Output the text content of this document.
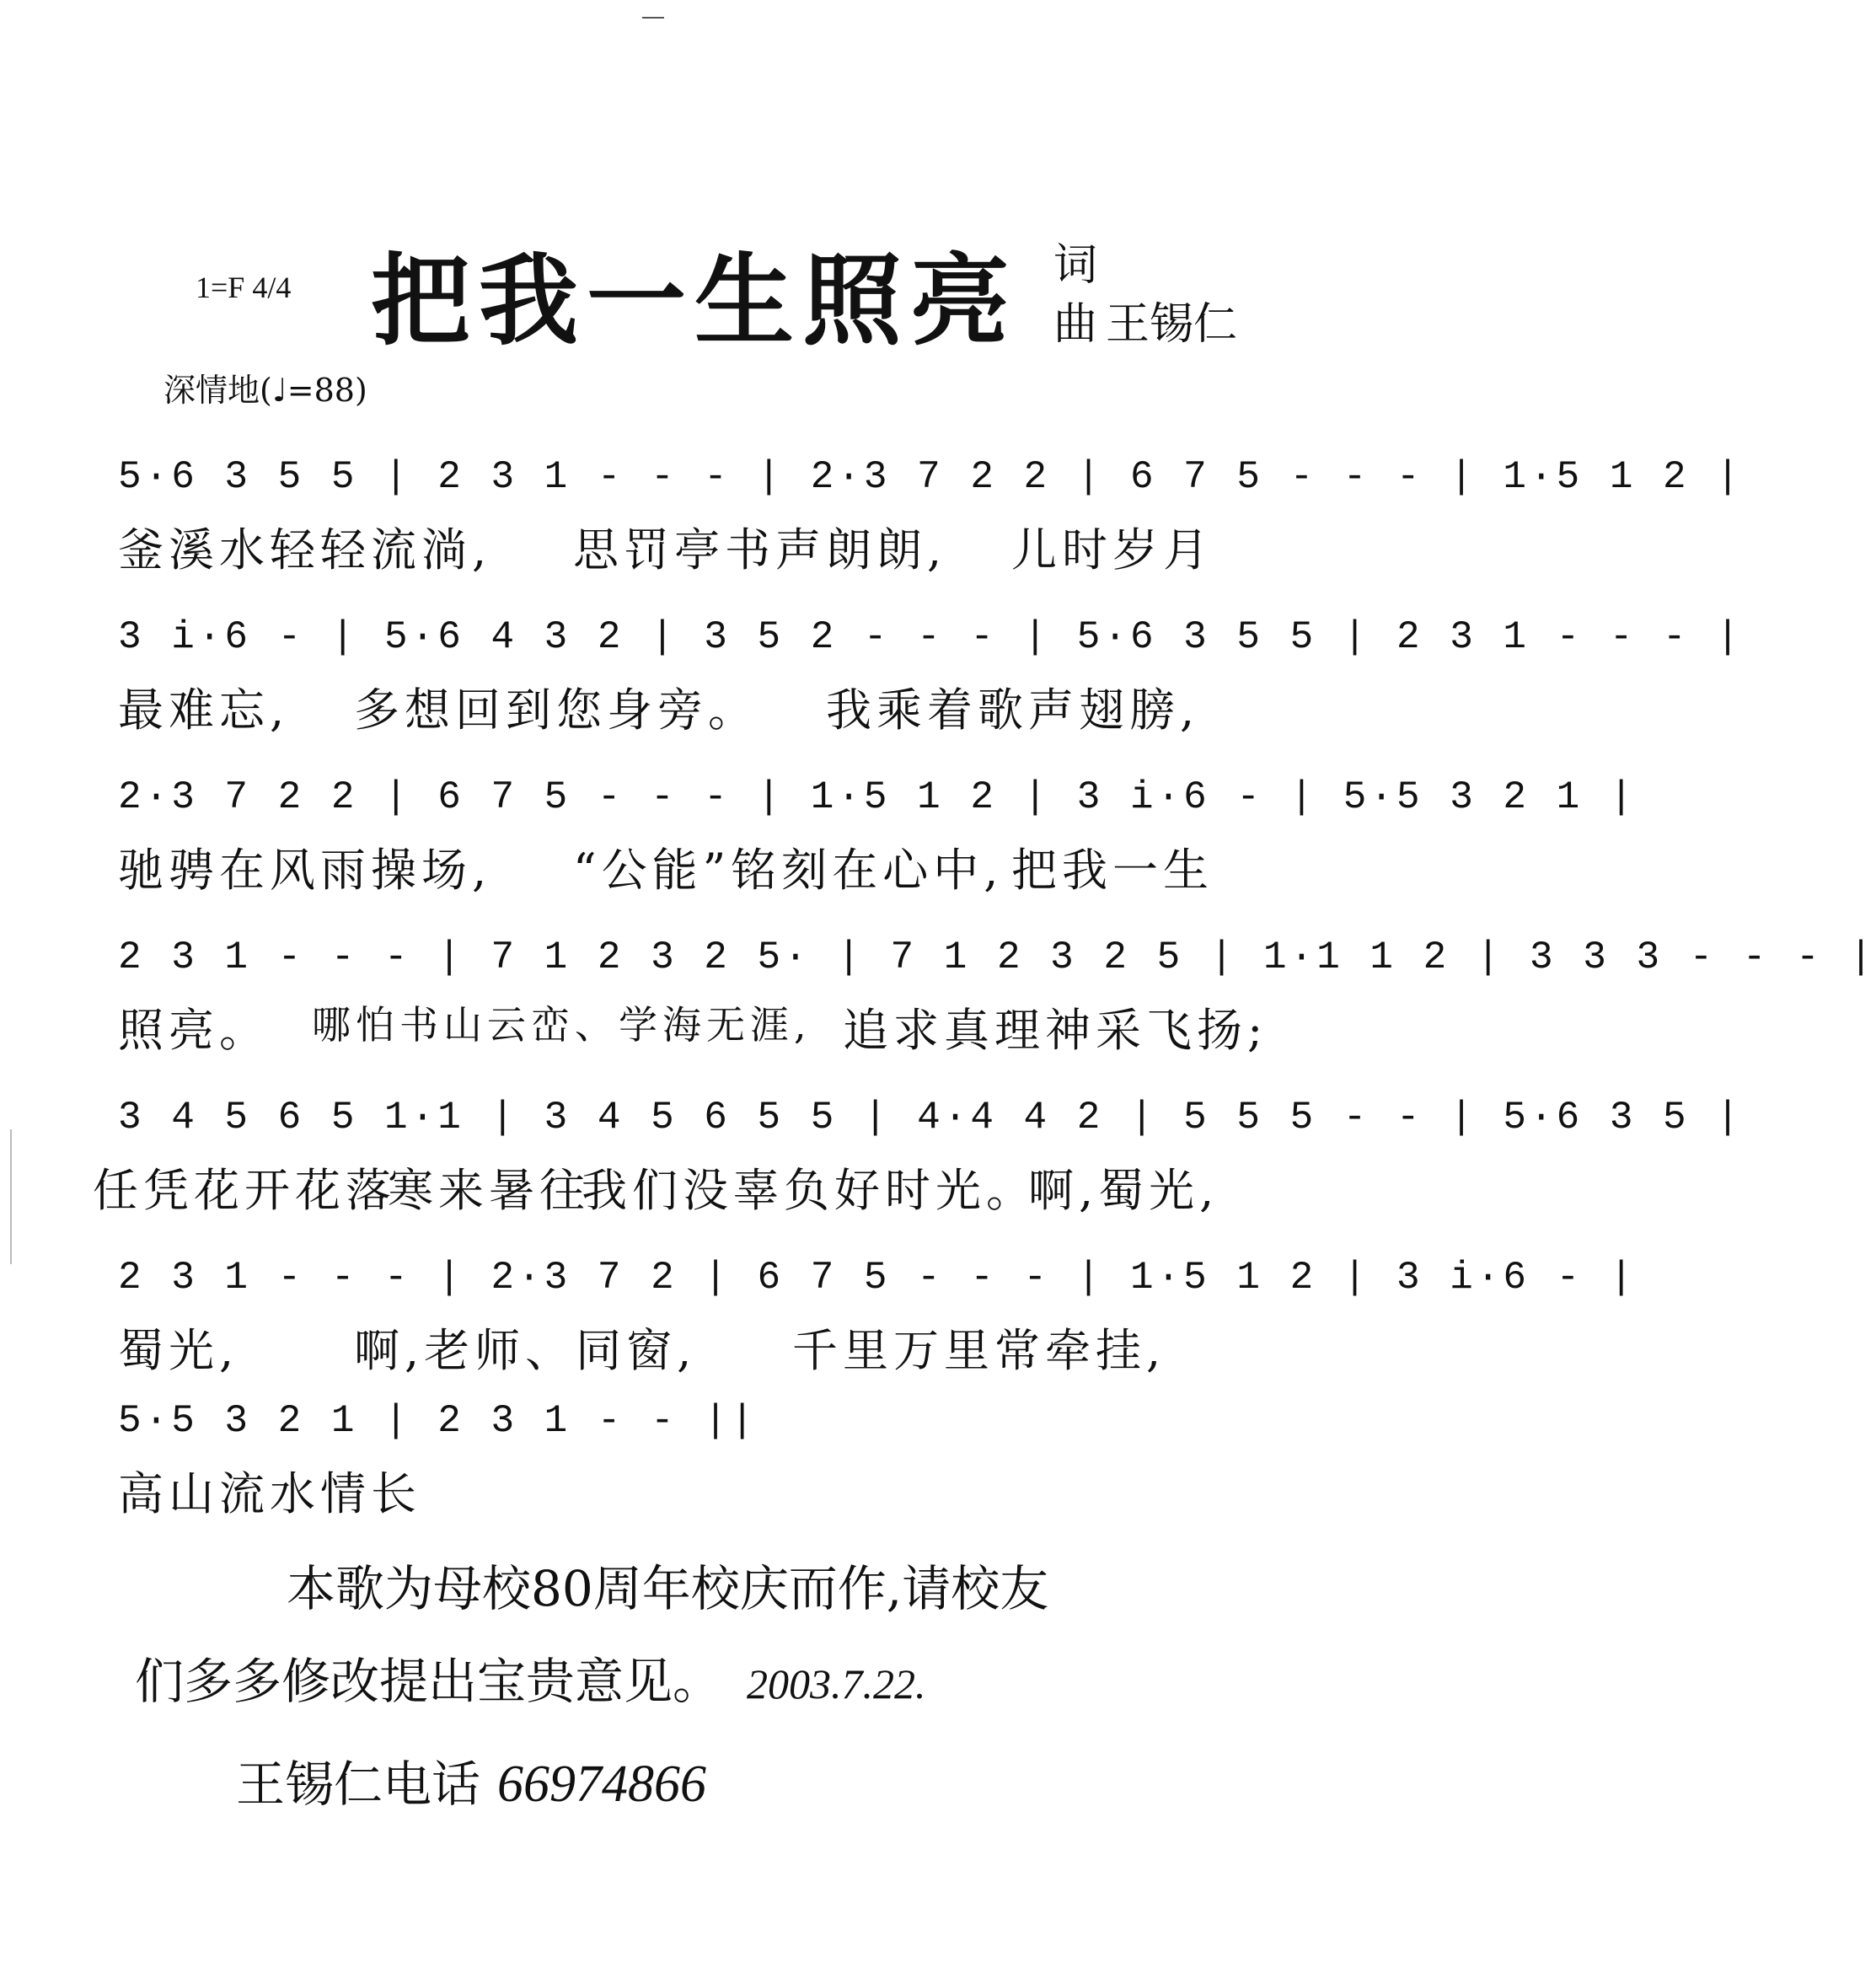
1=F 4/4 把我一生照亮 词
曲 王锡仁
深情地(♩=88)
5·6 3 5 5 | 2 3 1 - - - | 2·3 7 2 2 | 6 7 5 - - - | 1·5 1 2 |
釜溪水轻轻流淌, 思罚亭书声朗朗, 儿时岁月
3 i·6 - | 5·6 4 3 2 | 3 5 2 - - - | 5·6 3 5 5 | 2 3 1 - - - |
最难忘, 多想回到您身旁。 我乘着歌声翅膀,
2·3 7 2 2 | 6 7 5 - - - | 1·5 1 2 | 3 i·6 - | 5·5 3 2 1 |
驰骋在风雨操场, “公能”铭刻在心中, 把我一生
2 3 1 - - - | 7 1 2 3 2 5· | 7 1 2 3 2 5 | 1·1 1 2 | 3 3 3 - - - |
照亮。 哪怕书山云峦、学海无涯, 追求真理神采飞扬;
3 4 5 6 5 1·1 | 3 4 5 6 5 5 | 4·4 4 2 | 5 5 5 - - | 5·6 3 5 |
任凭花开花落
寒来暑往
我们没辜负好时光。
啊,蜀光,
2 3 1 - - - | 2·3 7 2 | 6 7 5 - - - | 1·5 1 2 | 3 i·6 - |
蜀光,	啊,老师、同窗, 千里万里常牵挂,
5·5 3 2 1 | 2 3 1 - - ||
高山流水情长
本歌为母校80周年校庆而作,请校友
们多多修改提出宝贵意见。 2003.7.22.
王锡仁电话 66974866
